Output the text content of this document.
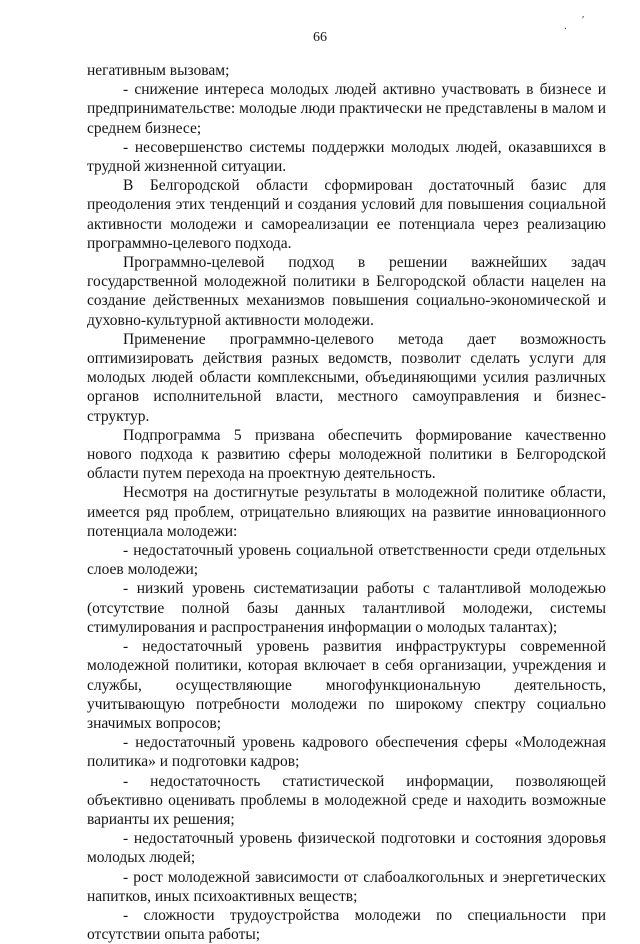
. ′
66

негативным вызовам;

- снижение интереса молодых людей активно участвовать в бизнесе и предпринимательстве: молодые люди практически не представлены в малом и среднем бизнесе;

- несовершенство системы поддержки молодых людей, оказавшихся в трудной жизненной ситуации.

В Белгородской области сформирован достаточный базис для преодоления этих тенденций и создания условий для повышения социальной активности молодежи и самореализации ее потенциала через реализацию программно-целевого подхода.

Программно-целевой подход в решении важнейших задач государственной молодежной политики в Белгородской области нацелен на создание действенных механизмов повышения социально-экономической и духовно-культурной активности молодежи.

Применение программно-целевого метода дает возможность оптимизировать действия разных ведомств, позволит сделать услуги для молодых людей области комплексными, объединяющими усилия различных органов исполнительной власти, местного самоуправления и бизнес-структур.

Подпрограмма 5 призвана обеспечить формирование качественно нового подхода к развитию сферы молодежной политики в Белгородской области путем перехода на проектную деятельность.

Несмотря на достигнутые результаты в молодежной политике области, имеется ряд проблем, отрицательно влияющих на развитие инновационного потенциала молодежи:

- недостаточный уровень социальной ответственности среди отдельных слоев молодежи;

- низкий уровень систематизации работы с талантливой молодежью (отсутствие полной базы данных талантливой молодежи, системы стимулирования и распространения информации о молодых талантах);

- недостаточный уровень развития инфраструктуры современной молодежной политики, которая включает в себя организации, учреждения и службы, осуществляющие многофункциональную деятельность, учитывающую потребности молодежи по широкому спектру социально значимых вопросов;

- недостаточный уровень кадрового обеспечения сферы «Молодежная политика» и подготовки кадров;

- недостаточность статистической информации, позволяющей объективно оценивать проблемы в молодежной среде и находить возможные варианты их решения;

- недостаточный уровень физической подготовки и состояния здоровья молодых людей;

- рост молодежной зависимости от слабоалкогольных и энергетических напитков, иных психоактивных веществ;

- сложности трудоустройства молодежи по специальности при отсутствии опыта работы;
